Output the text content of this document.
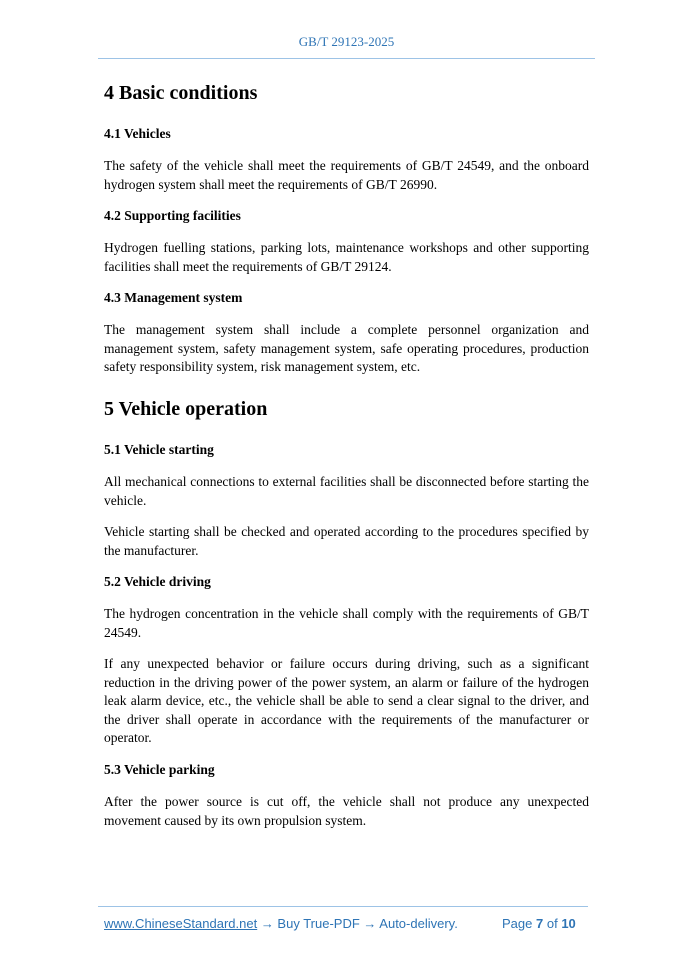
GB/T 29123-2025
4 Basic conditions
4.1 Vehicles
The safety of the vehicle shall meet the requirements of GB/T 24549, and the onboard hydrogen system shall meet the requirements of GB/T 26990.
4.2 Supporting facilities
Hydrogen fuelling stations, parking lots, maintenance workshops and other supporting facilities shall meet the requirements of GB/T 29124.
4.3 Management system
The management system shall include a complete personnel organization and management system, safety management system, safe operating procedures, production safety responsibility system, risk management system, etc.
5 Vehicle operation
5.1 Vehicle starting
All mechanical connections to external facilities shall be disconnected before starting the vehicle.
Vehicle starting shall be checked and operated according to the procedures specified by the manufacturer.
5.2 Vehicle driving
The hydrogen concentration in the vehicle shall comply with the requirements of GB/T 24549.
If any unexpected behavior or failure occurs during driving, such as a significant reduction in the driving power of the power system, an alarm or failure of the hydrogen leak alarm device, etc., the vehicle shall be able to send a clear signal to the driver, and the driver shall operate in accordance with the requirements of the manufacturer or operator.
5.3 Vehicle parking
After the power source is cut off, the vehicle shall not produce any unexpected movement caused by its own propulsion system.
www.ChineseStandard.net → Buy True-PDF → Auto-delivery.	Page 7 of 10
